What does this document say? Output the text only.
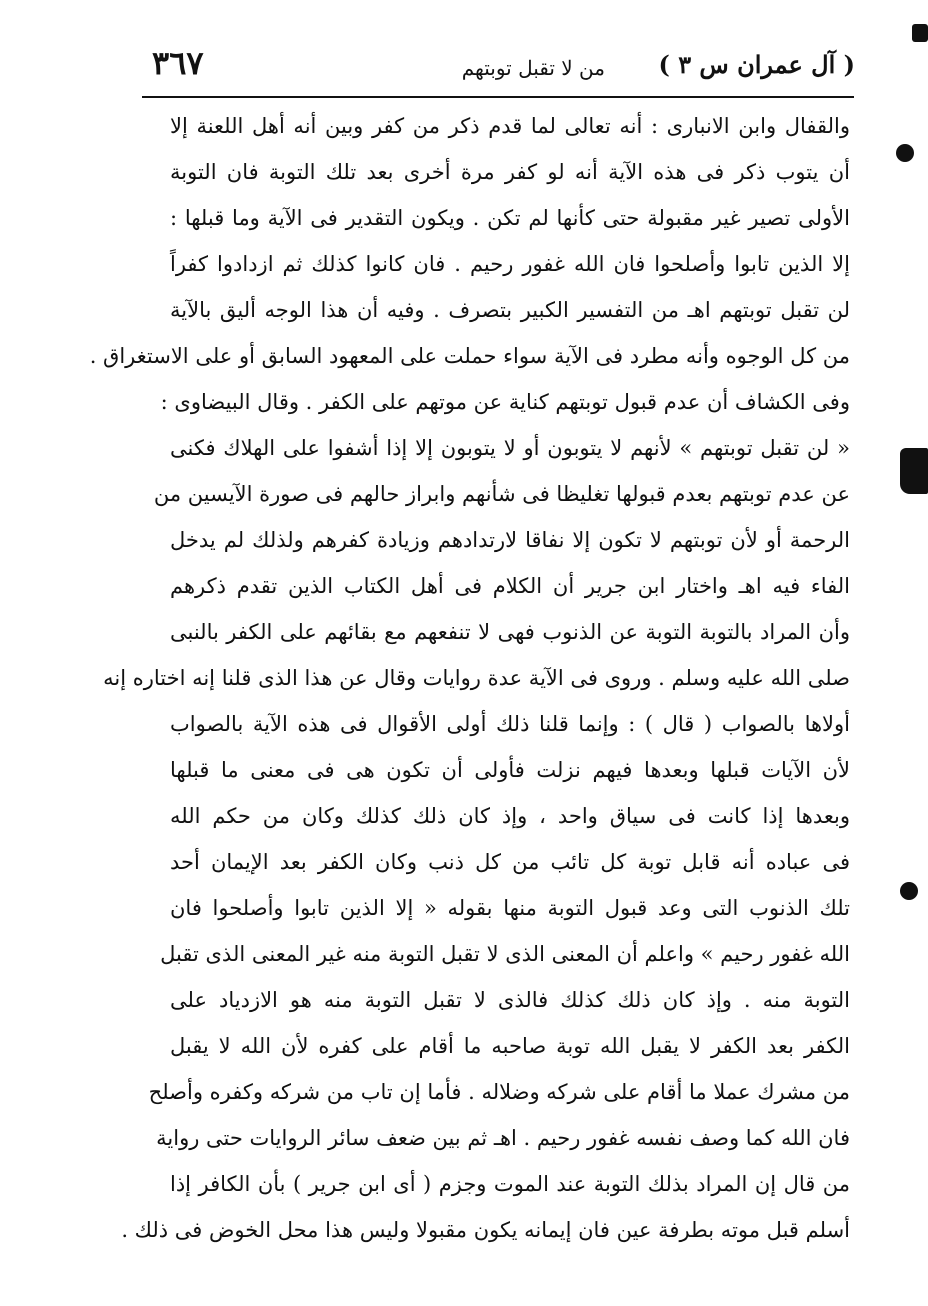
( آل عمران س ٣ )
من لا تقبل توبتهم
٣٦٧
والقفال وابن الانبارى : أنه تعالى لما قدم ذكر من كفر وبين أنه أهل اللعنة إلا
أن يتوب ذكر فى هذه الآية أنه لو كفر مرة أخرى بعد تلك التوبة فان التوبة
الأولى تصير غير مقبولة حتى كأنها لم تكن . ويكون التقدير فى الآية وما قبلها :
إلا الذين تابوا وأصلحوا فان الله غفور رحيم . فان كانوا كذلك ثم ازدادوا كفراً
لن تقبل توبتهم اهـ من التفسير الكبير بتصرف . وفيه أن هذا الوجه أليق بالآية
من كل الوجوه وأنه مطرد فى الآية سواء حملت على المعهود السابق أو على الاستغراق .
وفى الكشاف أن عدم قبول توبتهم كناية عن موتهم على الكفر . وقال البيضاوى :
« لن تقبل توبتهم » لأنهم لا يتوبون أو لا يتوبون إلا إذا أشفوا على الهلاك فكنى
عن عدم توبتهم بعدم قبولها تغليظا فى شأنهم وابراز حالهم فى صورة الآيسين من
الرحمة أو لأن توبتهم لا تكون إلا نفاقا لارتدادهم وزيادة كفرهم ولذلك لم يدخل
الفاء فيه اهـ واختار ابن جرير أن الكلام فى أهل الكتاب الذين تقدم ذكرهم
وأن المراد بالتوبة التوبة عن الذنوب فهى لا تنفعهم مع بقائهم على الكفر بالنبى
صلى الله عليه وسلم . وروى فى الآية عدة روايات وقال عن هذا الذى قلنا إنه اختاره إنه
أولاها بالصواب ( قال ) : وإنما قلنا ذلك أولى الأقوال فى هذه الآية بالصواب
لأن الآيات قبلها وبعدها فيهم نزلت فأولى أن تكون هى فى معنى ما قبلها
وبعدها إذا كانت فى سياق واحد ، وإذ كان ذلك كذلك وكان من حكم الله
فى عباده أنه قابل توبة كل تائب من كل ذنب وكان الكفر بعد الإيمان أحد
تلك الذنوب التى وعد قبول التوبة منها بقوله « إلا الذين تابوا وأصلحوا فان
الله غفور رحيم » واعلم أن المعنى الذى لا تقبل التوبة منه غير المعنى الذى تقبل
التوبة منه . وإذ كان ذلك كذلك فالذى لا تقبل التوبة منه هو الازدياد على
الكفر بعد الكفر لا يقبل الله توبة صاحبه ما أقام على كفره لأن الله لا يقبل
من مشرك عملا ما أقام على شركه وضلاله . فأما إن تاب من شركه وكفره وأصلح
فان الله كما وصف نفسه غفور رحيم . اهـ ثم بين ضعف سائر الروايات حتى رواية
من قال إن المراد بذلك التوبة عند الموت وجزم ( أى ابن جرير ) بأن الكافر إذا
أسلم قبل موته بطرفة عين فان إيمانه يكون مقبولا وليس هذا محل الخوض فى ذلك .
